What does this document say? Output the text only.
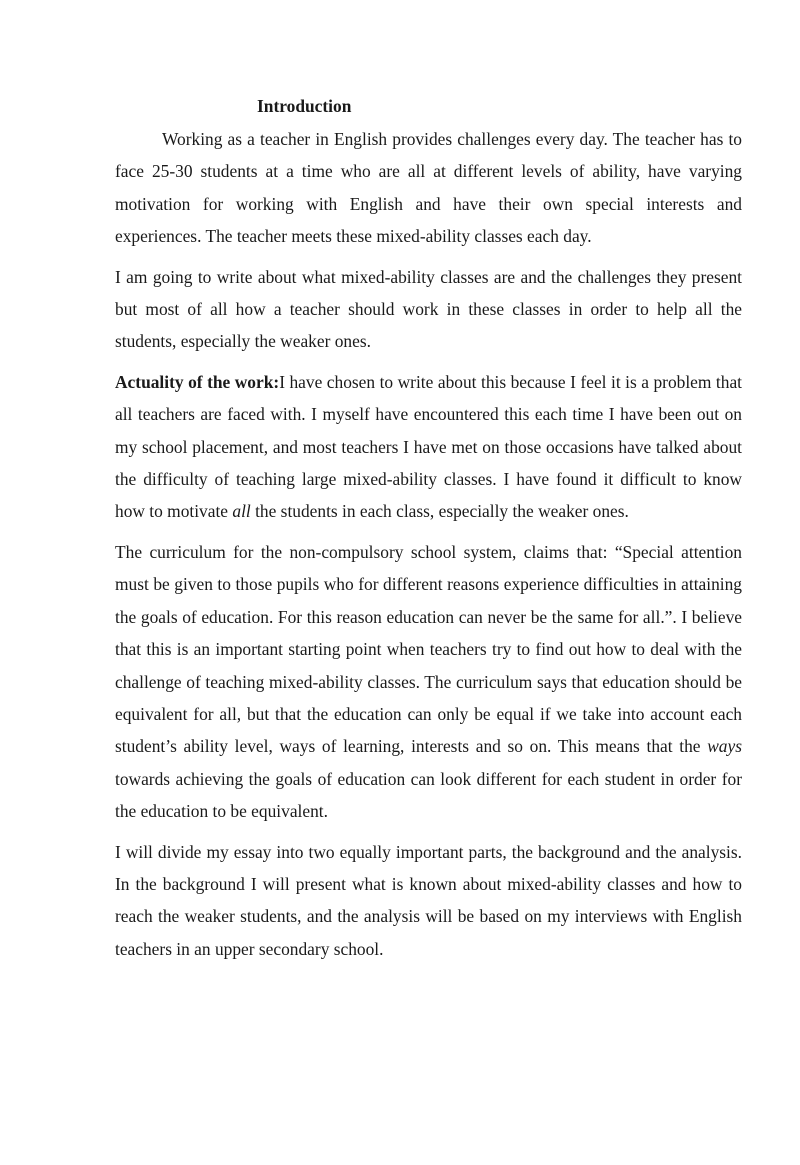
Introduction

Working as a teacher in English provides challenges every day. The teacher has to face 25-30 students at a time who are all at different levels of ability, have varying motivation for working with English and have their own special interests and experiences. The teacher meets these mixed-ability classes each day.

I am going to write about what mixed-ability classes are and the challenges they present but most of all how a teacher should work in these classes in order to help all the students, especially the weaker ones.

Actuality of the work:I have chosen to write about this because I feel it is a problem that all teachers are faced with. I myself have encountered this each time I have been out on my school placement, and most teachers I have met on those occasions have talked about the difficulty of teaching large mixed-ability classes. I have found it difficult to know how to motivate all the students in each class, especially the weaker ones.

The curriculum for the non-compulsory school system, claims that: “Special attention must be given to those pupils who for different reasons experience difficulties in attaining the goals of education. For this reason education can never be the same for all.”. I believe that this is an important starting point when teachers try to find out how to deal with the challenge of teaching mixed-ability classes. The curriculum says that education should be equivalent for all, but that the education can only be equal if we take into account each student’s ability level, ways of learning, interests and so on. This means that the ways towards achieving the goals of education can look different for each student in order for the education to be equivalent.

I will divide my essay into two equally important parts, the background and the analysis. In the background I will present what is known about mixed-ability classes and how to reach the weaker students, and the analysis will be based on my interviews with English teachers in an upper secondary school.
